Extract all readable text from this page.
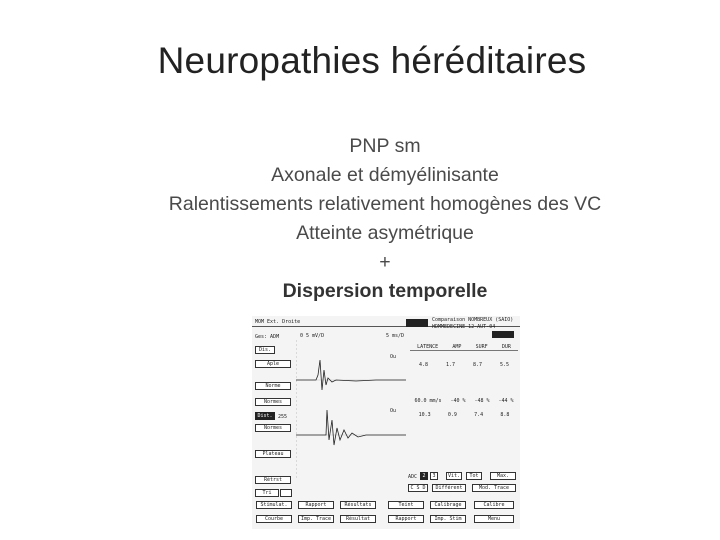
Neuropathies héréditaires
PNP sm
Axonale et démyélinisante
Ralentissements relativement homogènes des VC
Atteinte asymétrique
+
Dispersion temporelle
MOM Ext. Droite
Ges: ADM	0 5 mV/D	5 ms/D
Comparaison NOMBREUX (SAIO)
HDMMEDECINE 12-AUT-04
Dis.
Aple
Norme
Normes
Dist.	255
Normes
Plateau
Rétrst
Tri
LATENCE	AMP	SURF	DUR
Ou
4.8	1.7	8.7	5.5
60.0 mm/s -40 % -48 % -44 %
Ou
10.3	0.9	7.4	8.8
ADC	2	3	Vit.	Tot	Max.
C S D	Différent	Mod. Trace
Stimulat.	Rapport	Résultats	Teint	Calibrage	Calibre
Courbe	Imp. Trace	Résultat	Rapport	Imp. Stim	Menu
